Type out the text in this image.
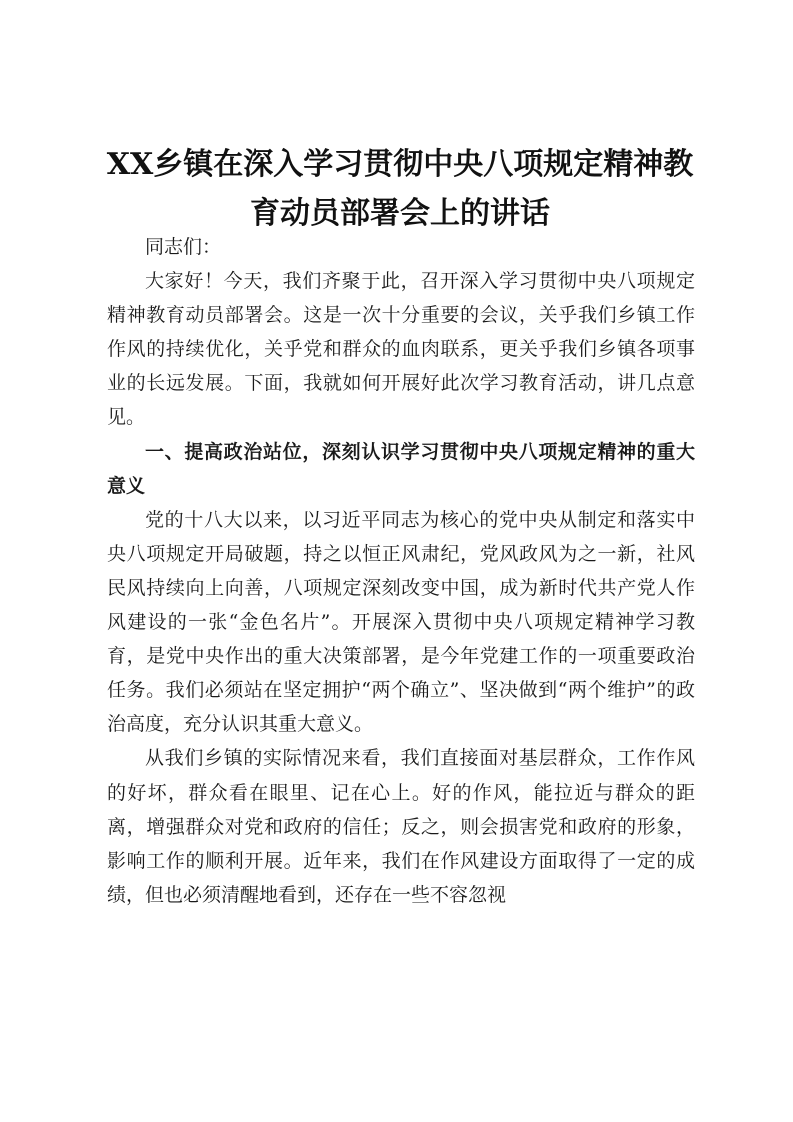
XX乡镇在深入学习贯彻中央八项规定精神教育动员部署会上的讲话

同志们：

大家好！今天，我们齐聚于此，召开深入学习贯彻中央八项规定精神教育动员部署会。这是一次十分重要的会议，关乎我们乡镇工作作风的持续优化，关乎党和群众的血肉联系，更关乎我们乡镇各项事业的长远发展。下面，我就如何开展好此次学习教育活动，讲几点意见。

一、提高政治站位，深刻认识学习贯彻中央八项规定精神的重大意义

党的十八大以来，以习近平同志为核心的党中央从制定和落实中央八项规定开局破题，持之以恒正风肃纪，党风政风为之一新，社风民风持续向上向善，八项规定深刻改变中国，成为新时代共产党人作风建设的一张“金色名片”。开展深入贯彻中央八项规定精神学习教育，是党中央作出的重大决策部署，是今年党建工作的一项重要政治任务。我们必须站在坚定拥护“两个确立”、坚决做到“两个维护”的政治高度，充分认识其重大意义。

从我们乡镇的实际情况来看，我们直接面对基层群众，工作作风的好坏，群众看在眼里、记在心上。好的作风，能拉近与群众的距离，增强群众对党和政府的信任；反之，则会损害党和政府的形象，影响工作的顺利开展。近年来，我们在作风建设方面取得了一定的成绩，但也必须清醒地看到，还存在一些不容忽视
